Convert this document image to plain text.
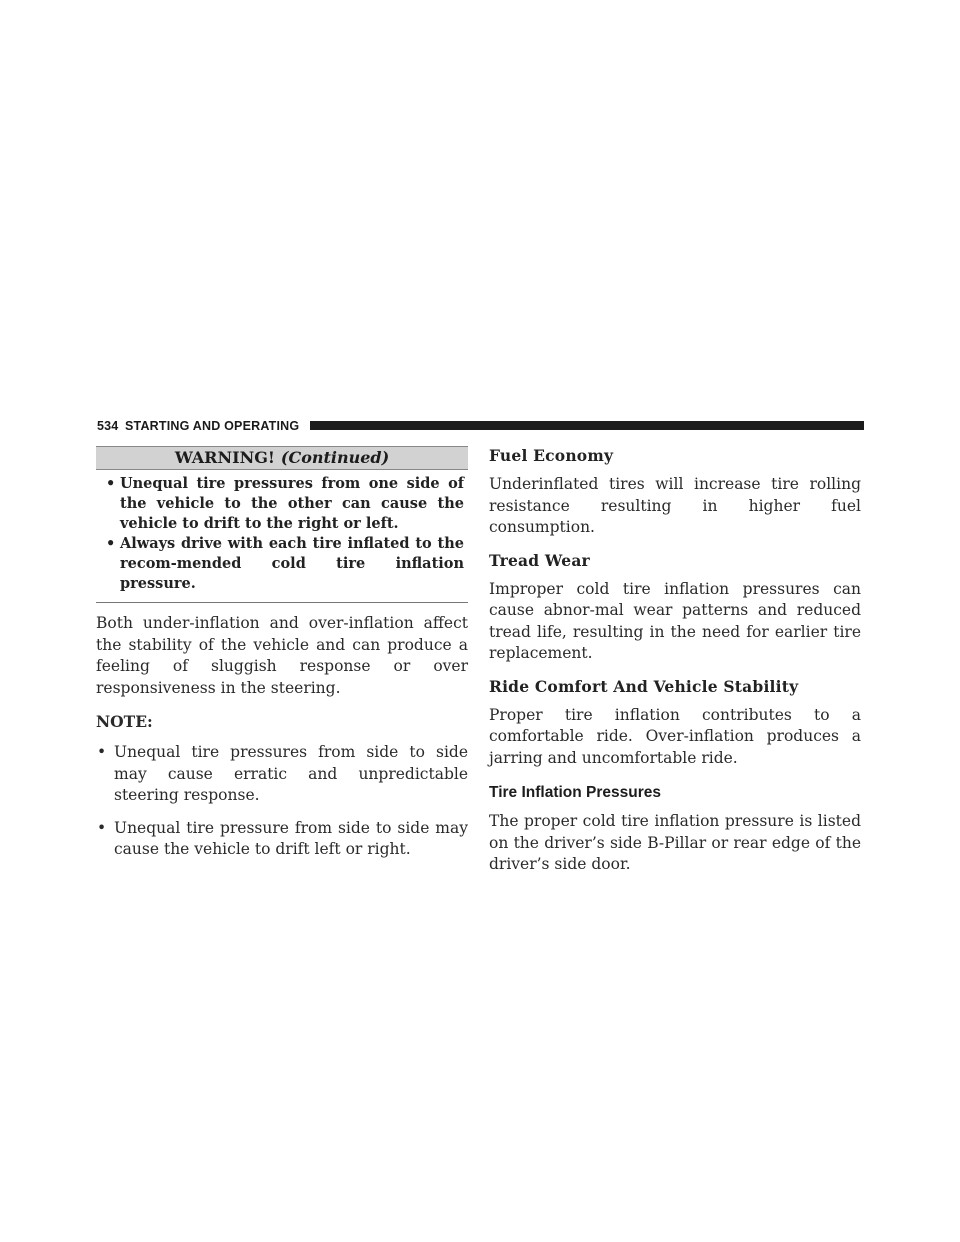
534 STARTING AND OPERATING
WARNING! (Continued)
• Unequal tire pressures from one side of the vehicle to the other can cause the vehicle to drift to the right or left.
• Always drive with each tire inflated to the recom-mended cold tire inflation pressure.

Both under-inflation and over-inflation affect the stability of the vehicle and can produce a feeling of sluggish response or over responsiveness in the steering.

NOTE:
• Unequal tire pressures from side to side may cause erratic and unpredictable steering response.
• Unequal tire pressure from side to side may cause the vehicle to drift left or right.
Fuel Economy

Underinflated tires will increase tire rolling resistance resulting in higher fuel consumption.

Tread Wear

Improper cold tire inflation pressures can cause abnor-mal wear patterns and reduced tread life, resulting in the need for earlier tire replacement.

Ride Comfort And Vehicle Stability

Proper tire inflation contributes to a comfortable ride. Over-inflation produces a jarring and uncomfortable ride.

Tire Inflation Pressures

The proper cold tire inflation pressure is listed on the driver’s side B-Pillar or rear edge of the driver’s side door.
